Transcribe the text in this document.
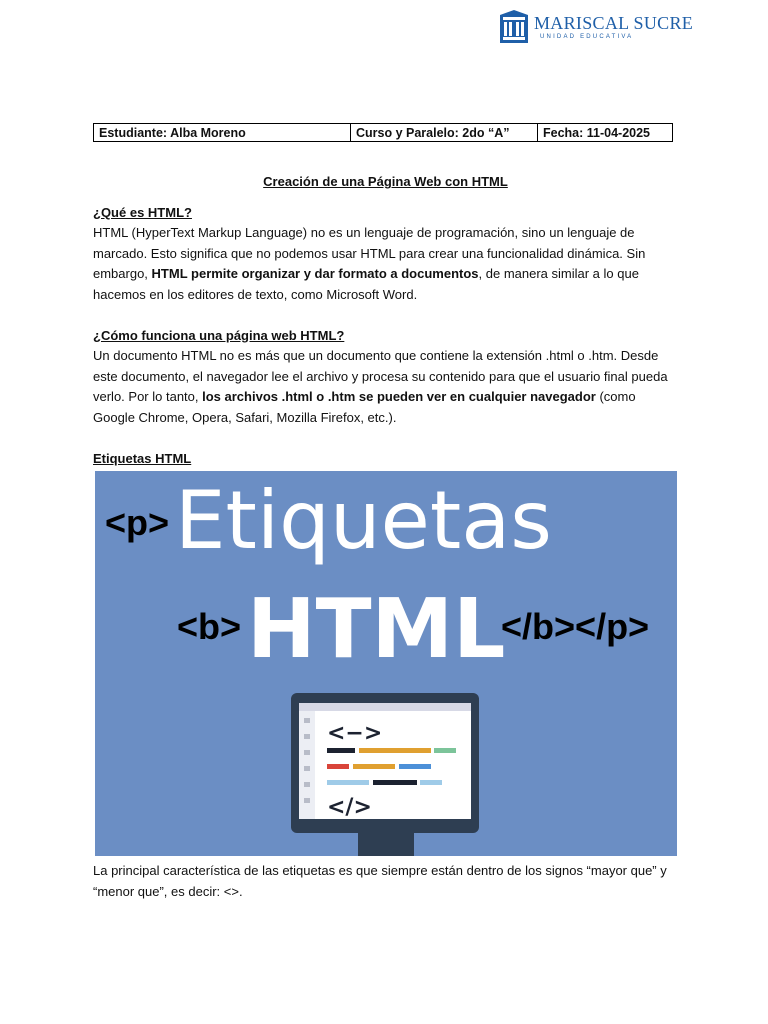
MARISCAL SUCRE
UNIDAD EDUCATIVA
Estudiante: Alba Moreno	Curso y Paralelo: 2do “A”	Fecha: 11-04-2025

Creación de una Página Web con HTML

¿Qué es HTML?

HTML (HyperText Markup Language) no es un lenguaje de programación, sino un lenguaje de marcado. Esto significa que no podemos usar HTML para crear una funcionalidad dinámica. Sin embargo, HTML permite organizar y dar formato a documentos, de manera similar a lo que hacemos en los editores de texto, como Microsoft Word.

¿Cómo funciona una página web HTML?

Un documento HTML no es más que un documento que contiene la extensión .html o .htm. Desde este documento, el navegador lee el archivo y procesa su contenido para que el usuario final pueda verlo. Por lo tanto, los archivos .html o .htm se pueden ver en cualquier navegador (como Google Chrome, Opera, Safari, Mozilla Firefox, etc.).

Etiquetas HTML

<p> Etiquetas
<b> HTML
</b></p>
<−>
</>

La principal característica de las etiquetas es que siempre están dentro de los signos “mayor que” y “menor que”, es decir: <>.
